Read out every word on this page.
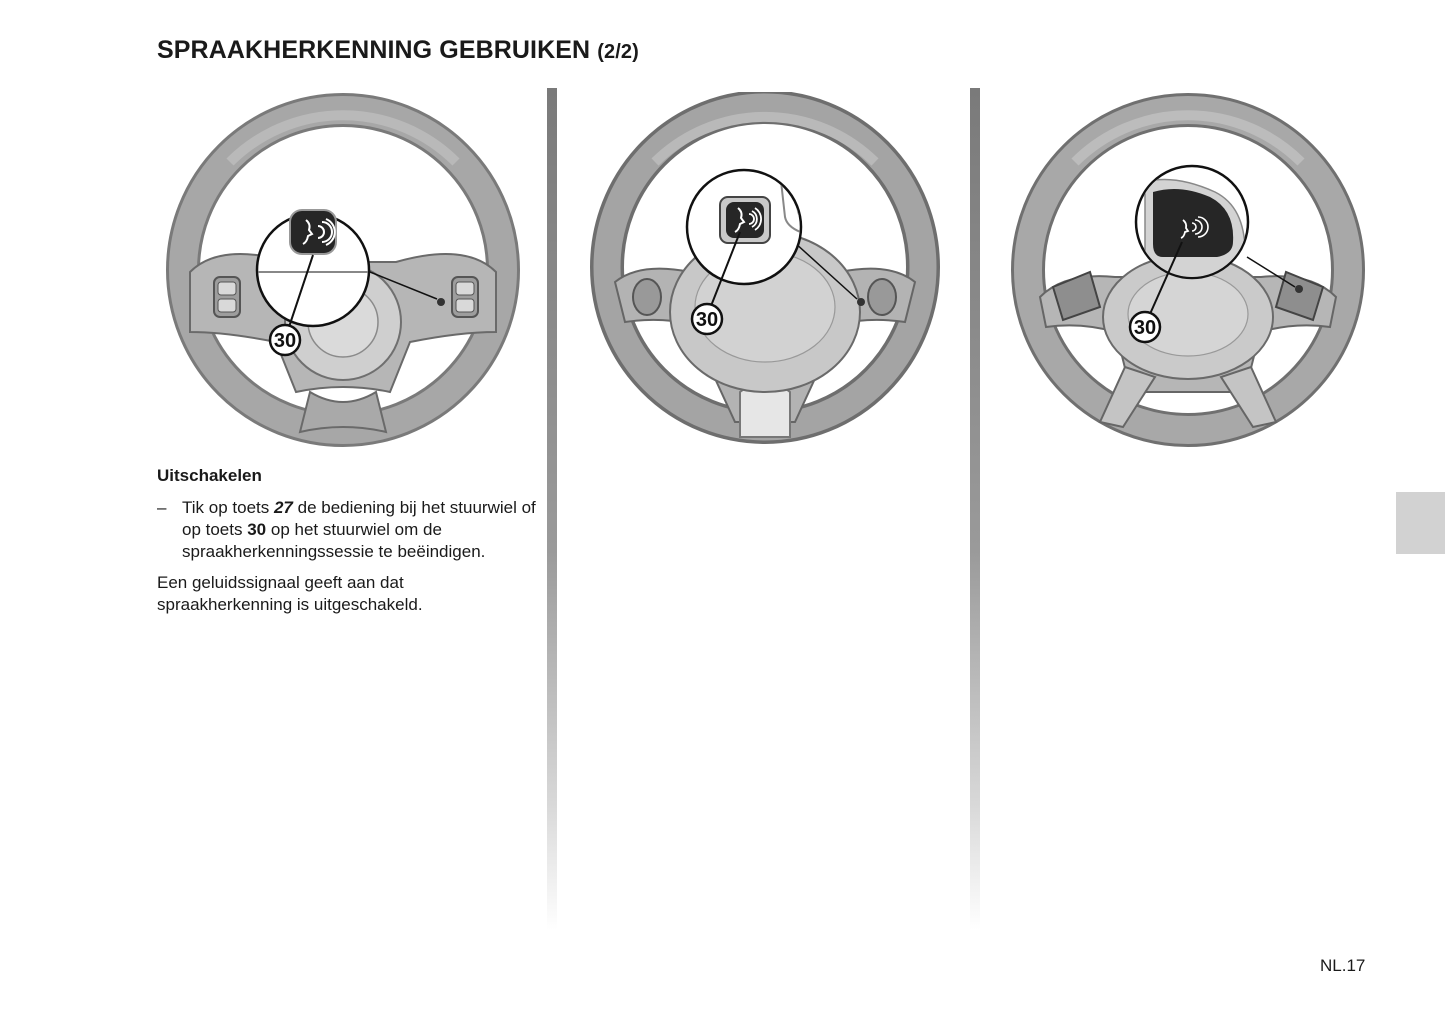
SPRAAKHERKENNING GEBRUIKEN (2/2)
30
30	30
Uitschakelen
– Tik op toets 27 de bediening bij het stuurwiel of op toets 30 op het stuurwiel om de spraakherkenningssessie te beëindigen.

Een geluidssignaal geeft aan dat spraakherkenning is uitgeschakeld.

NL.17
